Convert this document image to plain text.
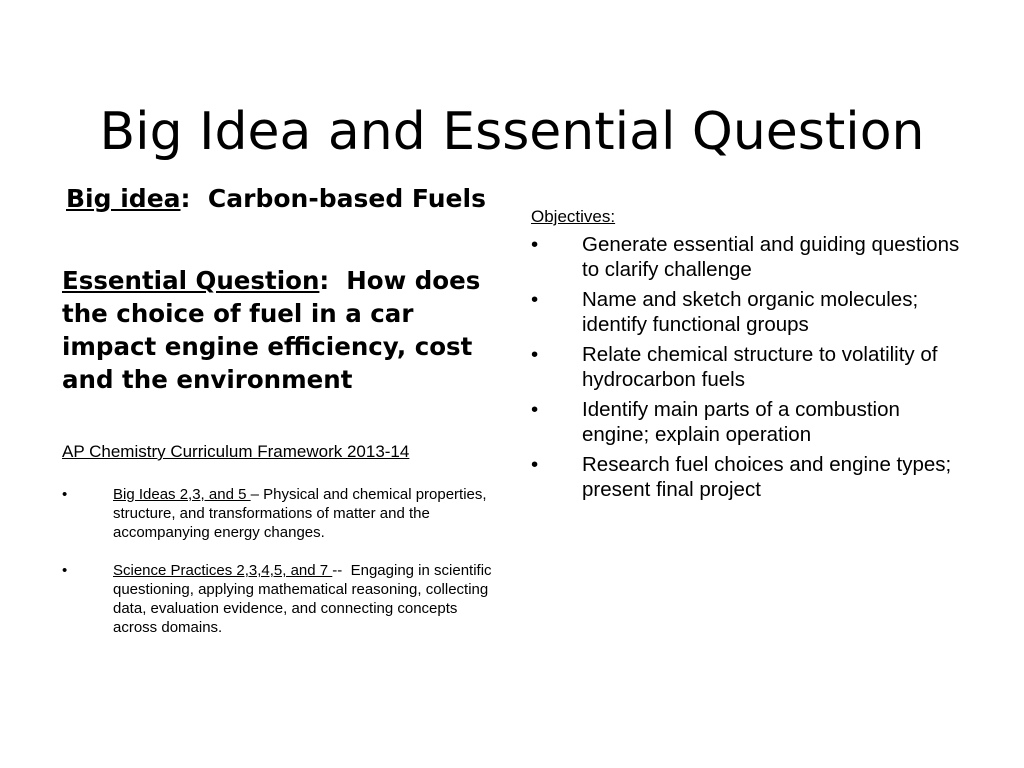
Big Idea and Essential Question
Big idea:  Carbon-based Fuels
Essential Question:  How does the choice of fuel in a car impact engine efficiency, cost and the environment
AP Chemistry Curriculum Framework 2013-14
•	Big Ideas 2,3, and 5 – Physical and chemical properties, structure, and transformations of matter and the accompanying energy changes.
•	Science Practices 2,3,4,5, and 7 --  Engaging in scientific questioning, applying mathematical reasoning, collecting data, evaluation evidence, and connecting concepts across domains.
Objectives:
• Generate essential and guiding questions to clarify challenge
• Name and sketch organic molecules; identify functional groups
• Relate chemical structure to volatility of hydrocarbon fuels
• Identify main parts of a combustion engine; explain operation
• Research fuel choices and engine types; present final project
